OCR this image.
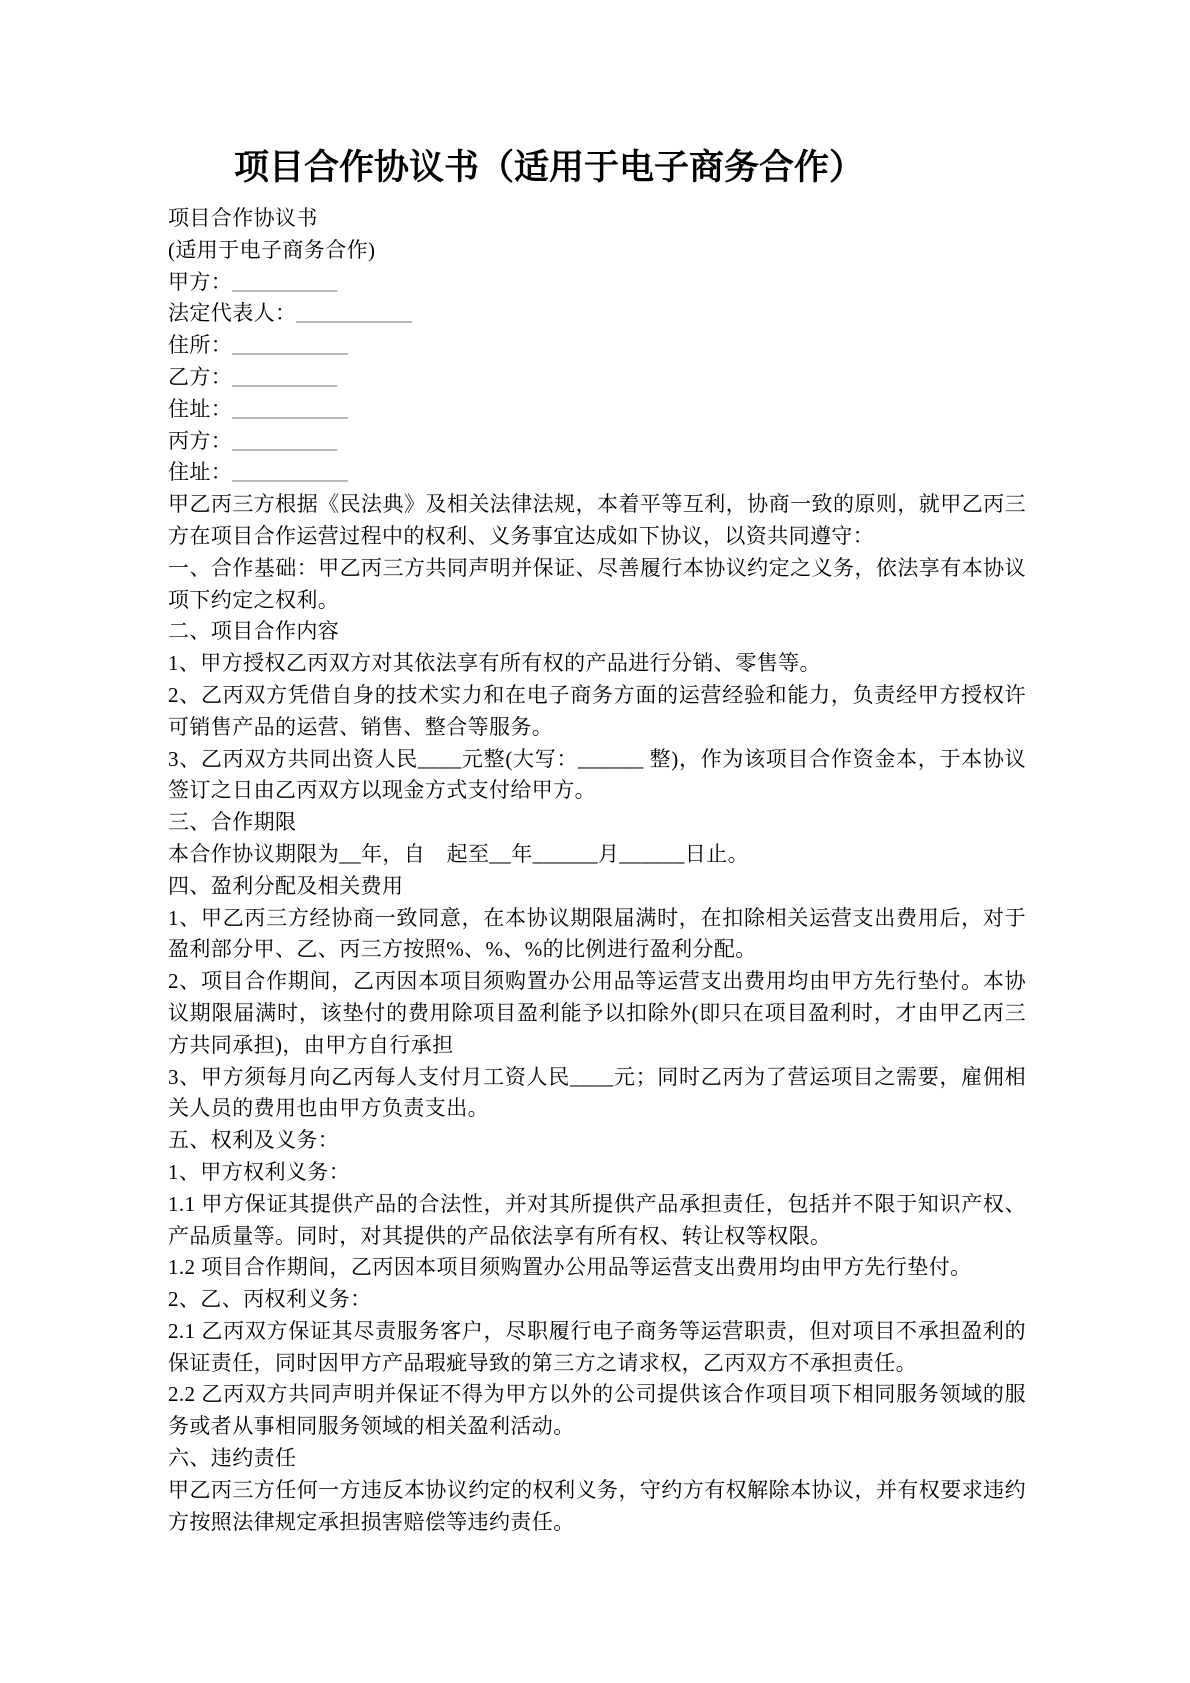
项目合作协议书（适用于电子商务合作）

项目合作协议书

(适用于电子商务合作)

甲方：__________

法定代表人：___________

住所：___________

乙方：__________

住址：___________

丙方：__________

住址：___________

甲乙丙三方根据《民法典》及相关法律法规，本着平等互利，协商一致的原则，就甲乙丙三方在项目合作运营过程中的权利、义务事宜达成如下协议，以资共同遵守：

一、合作基础：甲乙丙三方共同声明并保证、尽善履行本协议约定之义务，依法享有本协议项下约定之权利。

二、项目合作内容

1、甲方授权乙丙双方对其依法享有所有权的产品进行分销、零售等。

2、乙丙双方凭借自身的技术实力和在电子商务方面的运营经验和能力，负责经甲方授权许可销售产品的运营、销售、整合等服务。

3、乙丙双方共同出资人民____元整(大写：______ 整)，作为该项目合作资金本，于本协议签订之日由乙丙双方以现金方式支付给甲方。

三、合作期限

本合作协议期限为__年，自　起至__年______月______日止。

四、盈利分配及相关费用

1、甲乙丙三方经协商一致同意，在本协议期限届满时，在扣除相关运营支出费用后，对于盈利部分甲、乙、丙三方按照%、%、%的比例进行盈利分配。

2、项目合作期间，乙丙因本项目须购置办公用品等运营支出费用均由甲方先行垫付。本协议期限届满时，该垫付的费用除项目盈利能予以扣除外(即只在项目盈利时，才由甲乙丙三方共同承担)，由甲方自行承担

3、甲方须每月向乙丙每人支付月工资人民____元；同时乙丙为了营运项目之需要，雇佣相关人员的费用也由甲方负责支出。

五、权利及义务：

1、甲方权利义务：

1.1 甲方保证其提供产品的合法性，并对其所提供产品承担责任，包括并不限于知识产权、产品质量等。同时，对其提供的产品依法享有所有权、转让权等权限。

1.2 项目合作期间，乙丙因本项目须购置办公用品等运营支出费用均由甲方先行垫付。

2、乙、丙权利义务：

2.1 乙丙双方保证其尽责服务客户，尽职履行电子商务等运营职责，但对项目不承担盈利的保证责任，同时因甲方产品瑕疵导致的第三方之请求权，乙丙双方不承担责任。

2.2 乙丙双方共同声明并保证不得为甲方以外的公司提供该合作项目项下相同服务领域的服务或者从事相同服务领域的相关盈利活动。

六、违约责任

甲乙丙三方任何一方违反本协议约定的权利义务，守约方有权解除本协议，并有权要求违约方按照法律规定承担损害赔偿等违约责任。
